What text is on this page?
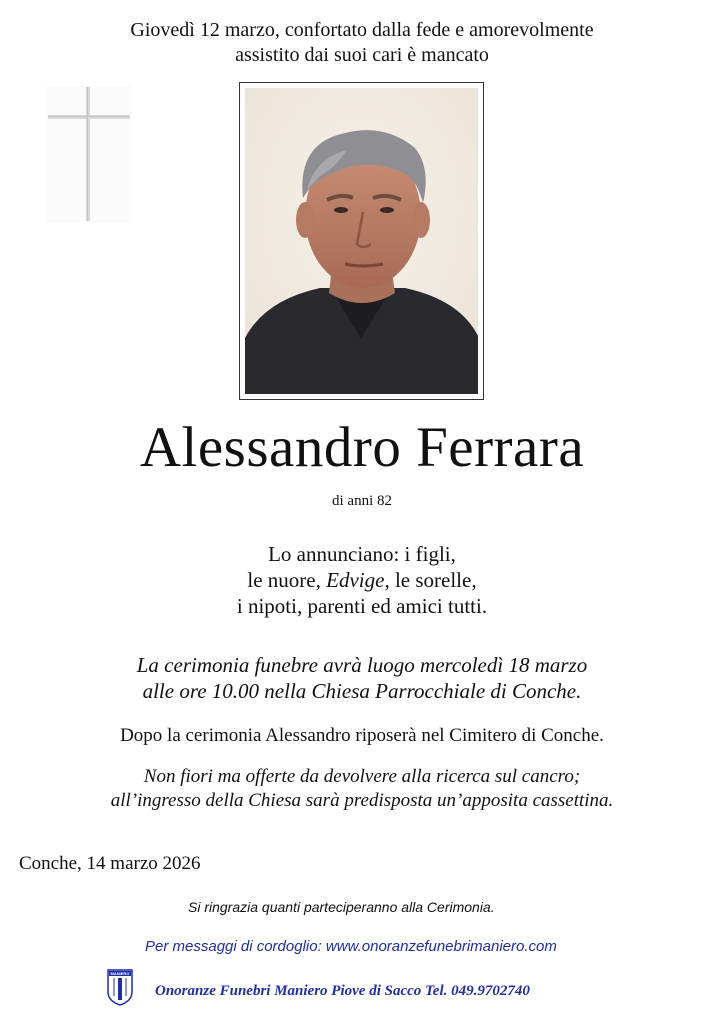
Giovedì 12 marzo, confortato dalla fede e amorevolmente
assistito dai suoi cari è mancato
Alessandro Ferrara
di anni 82
Lo annunciano: i figli,
le nuore, Edvige, le sorelle,
i nipoti, parenti ed amici tutti.
La cerimonia funebre avrà luogo mercoledì 18 marzo
alle ore 10.00 nella Chiesa Parrocchiale di Conche.
Dopo la cerimonia Alessandro riposerà nel Cimitero di Conche.
Non fiori ma offerte da devolvere alla ricerca sul cancro;
all’ingresso della Chiesa sarà predisposta un’apposita cassettina.
Conche, 14 marzo 2026
Si ringrazia quanti parteciperanno alla Cerimonia.
Per messaggi di cordoglio: www.onoranzefunebrimaniero.com
MANIERO
Onoranze Funebri Maniero Piove di Sacco Tel. 049.9702740
